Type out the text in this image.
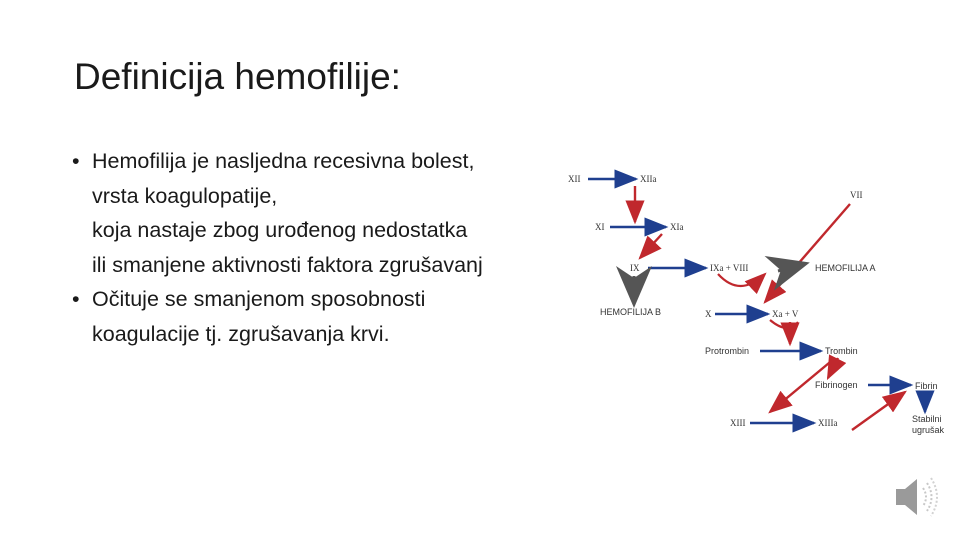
Definicija hemofilije:
• Hemofilija je nasljedna recesivna bolest,
vrsta koagulopatije,
koja nastaje zbog urođenog nedostatka
ili smanjene aktivnosti faktora zgrušavanj
• Očituje se smanjenom sposobnosti
koagulacije tj. zgrušavanja krvi.
XII	XIIa
VII
XI	XIa
IX	IXa + VIII	HEMOFILIJA A
HEMOFILIJA B	X	Xa + V
Protrombin	Trombin
Fibrinogen	Fibrin
XIII	XIIIa	Stabilni
ugrušak
